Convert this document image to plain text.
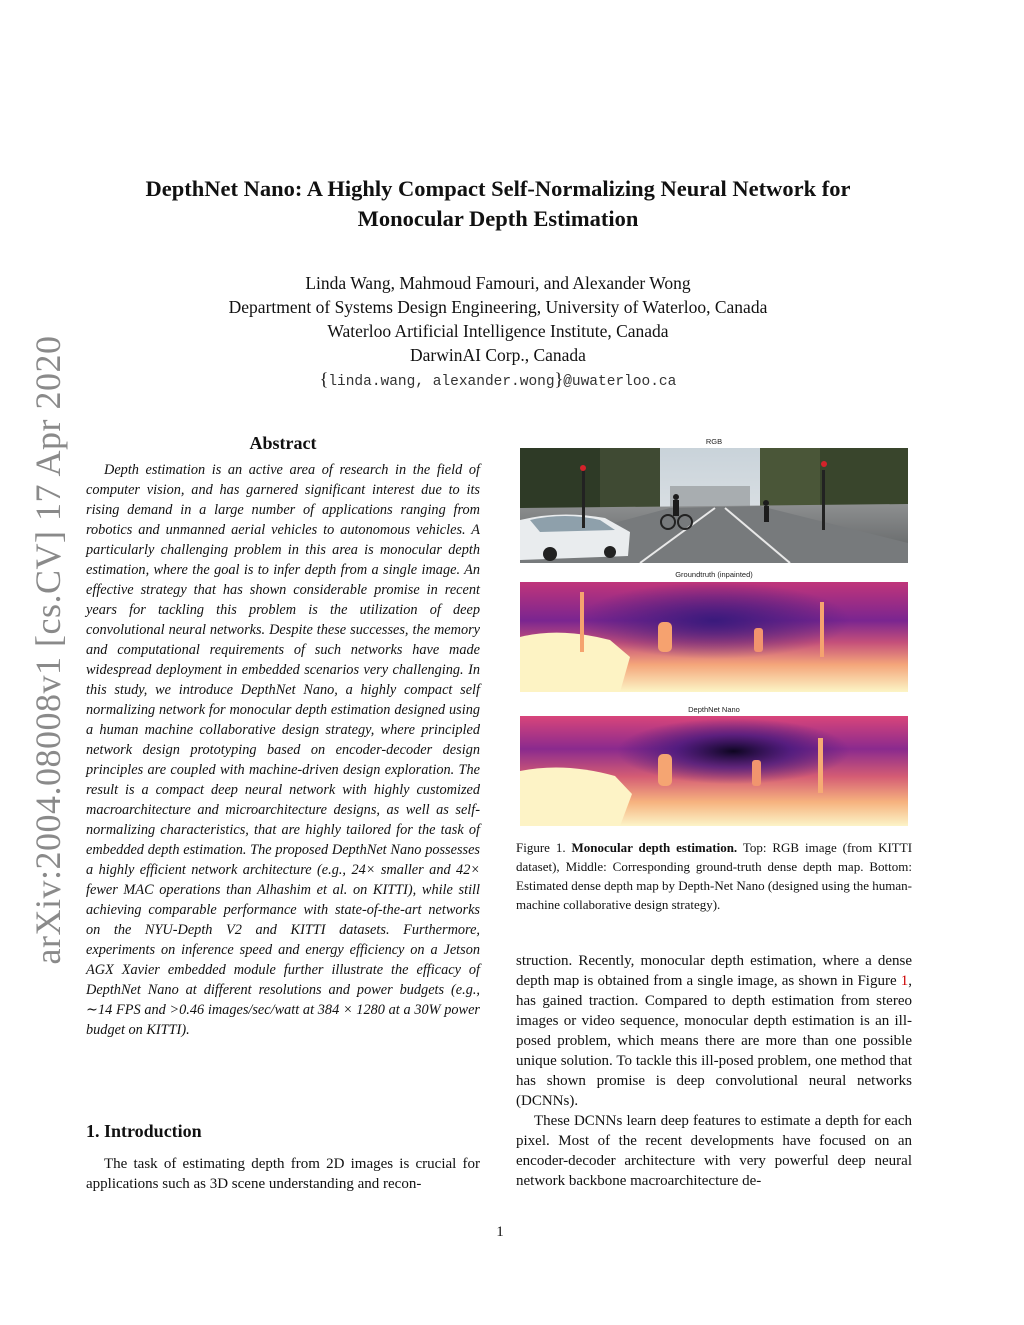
arXiv:2004.08008v1 [cs.CV] 17 Apr 2020
DepthNet Nano: A Highly Compact Self-Normalizing Neural Network for
Monocular Depth Estimation
Linda Wang, Mahmoud Famouri, and Alexander Wong
Department of Systems Design Engineering, University of Waterloo, Canada
Waterloo Artificial Intelligence Institute, Canada
DarwinAI Corp., Canada
{linda.wang, alexander.wong}@uwaterloo.ca
Abstract
Depth estimation is an active area of research in the field of computer vision, and has garnered significant interest due to its rising demand in a large number of applications ranging from robotics and unmanned aerial vehicles to autonomous vehicles. A particularly challenging problem in this area is monocular depth estimation, where the goal is to infer depth from a single image. An effective strategy that has shown considerable promise in recent years for tackling this problem is the utilization of deep convolutional neural networks. Despite these successes, the memory and computational requirements of such networks have made widespread deployment in embedded scenarios very challenging. In this study, we introduce DepthNet Nano, a highly compact self normalizing network for monocular depth estimation designed using a human machine collaborative design strategy, where principled network design prototyping based on encoder-decoder design principles are coupled with machine-driven design exploration. The result is a compact deep neural network with highly customized macroarchitecture and microarchitecture designs, as well as self-normalizing characteristics, that are highly tailored for the task of embedded depth estimation. The proposed DepthNet Nano possesses a highly efficient network architecture (e.g., 24× smaller and 42× fewer MAC operations than Alhashim et al. on KITTI), while still achieving comparable performance with state-of-the-art networks on the NYU-Depth V2 and KITTI datasets. Furthermore, experiments on inference speed and energy efficiency on a Jetson AGX Xavier embedded module further illustrate the efficacy of DepthNet Nano at different resolutions and power budgets (e.g., ∼14 FPS and >0.46 images/sec/watt at 384 × 1280 at a 30W power budget on KITTI).
1. Introduction
The task of estimating depth from 2D images is crucial for applications such as 3D scene understanding and recon-
RGB
Groundtruth (inpainted)
DepthNet Nano
Figure 1. Monocular depth estimation. Top: RGB image (from KITTI dataset), Middle: Corresponding ground-truth dense depth map. Bottom: Estimated dense depth map by Depth-Net Nano (designed using the human-machine collaborative design strategy).

struction. Recently, monocular depth estimation, where a dense depth map is obtained from a single image, as shown in Figure 1, has gained traction. Compared to depth estimation from stereo images or video sequence, monocular depth estimation is an ill-posed problem, which means there are more than one possible unique solution. To tackle this ill-posed problem, one method that has shown promise is deep convolutional neural networks (DCNNs).

These DCNNs learn deep features to estimate a depth for each pixel. Most of the recent developments have focused on an encoder-decoder architecture with very powerful deep neural network backbone macroarchitecture de-

1
